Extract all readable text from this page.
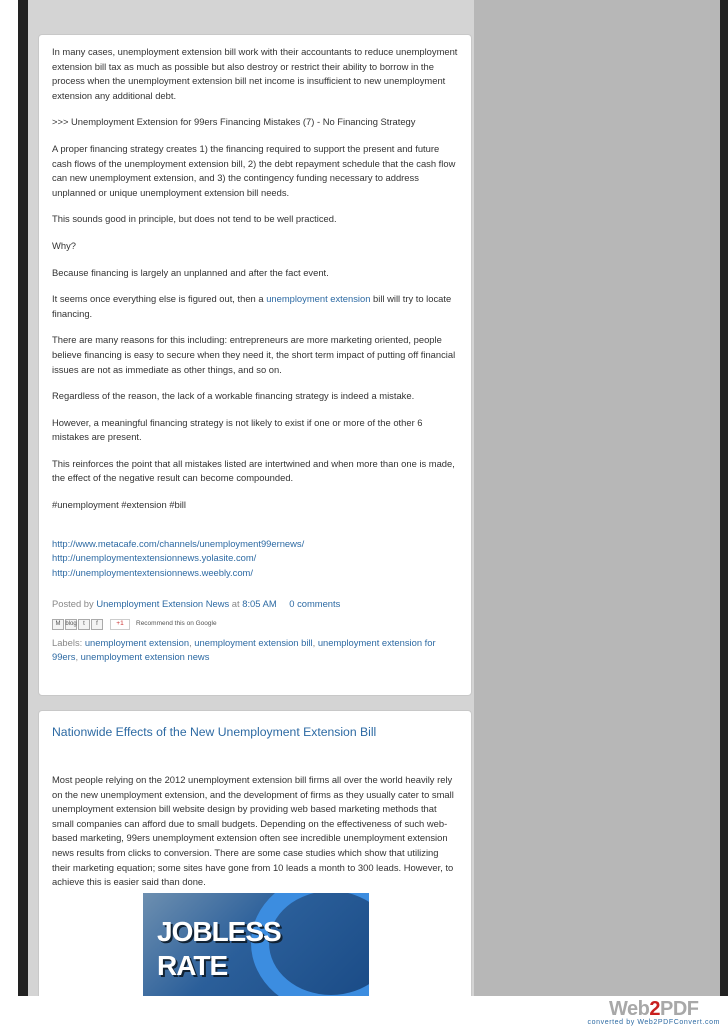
In many cases, unemployment extension bill work with their accountants to reduce unemployment extension bill tax as much as possible but also destroy or restrict their ability to borrow in the process when the unemployment extension bill net income is insufficient to new unemployment extension any additional debt.

>>> Unemployment Extension for 99ers Financing Mistakes (7) - No Financing Strategy

A proper financing strategy creates 1) the financing required to support the present and future cash flows of the unemployment extension bill, 2) the debt repayment schedule that the cash flow can new unemployment extension, and 3) the contingency funding necessary to address unplanned or unique unemployment extension bill needs.

This sounds good in principle, but does not tend to be well practiced.

Why?

Because financing is largely an unplanned and after the fact event.

It seems once everything else is figured out, then a unemployment extension bill will try to locate financing.

There are many reasons for this including: entrepreneurs are more marketing oriented, people believe financing is easy to secure when they need it, the short term impact of putting off financial issues are not as immediate as other things, and so on.

Regardless of the reason, the lack of a workable financing strategy is indeed a mistake.

However, a meaningful financing strategy is not likely to exist if one or more of the other 6 mistakes are present.

This reinforces the point that all mistakes listed are intertwined and when more than one is made, the effect of the negative result can become compounded.

#unemployment #extension #bill

http://www.metacafe.com/channels/unemployment99ernews/
http://unemploymentextensionnews.yolasite.com/
http://unemploymentextensionnews.weebly.com/
Posted by Unemployment Extension News at 8:05 AM 0 comments
M blog	t	f	+1	Recommend this on Google
Labels: unemployment extension, unemployment extension bill, unemployment extension for 99ers, unemployment extension news
Nationwide Effects of the New Unemployment Extension Bill
Most people relying on the 2012 unemployment extension bill firms all over the world heavily rely on the new unemployment extension, and the development of firms as they usually cater to small unemployment extension bill website design by providing web based marketing methods that small companies can afford due to small budgets. Depending on the effectiveness of such web-based marketing, 99ers unemployment extension often see incredible unemployment extension news results from clicks to conversion. There are some case studies which show that utilizing their marketing equation; some sites have gone from 10 leads a month to 300 leads. However, to achieve this is easier said than done.
JOBLESS
RATE
Web2PDF
converted by Web2PDFConvert.com
